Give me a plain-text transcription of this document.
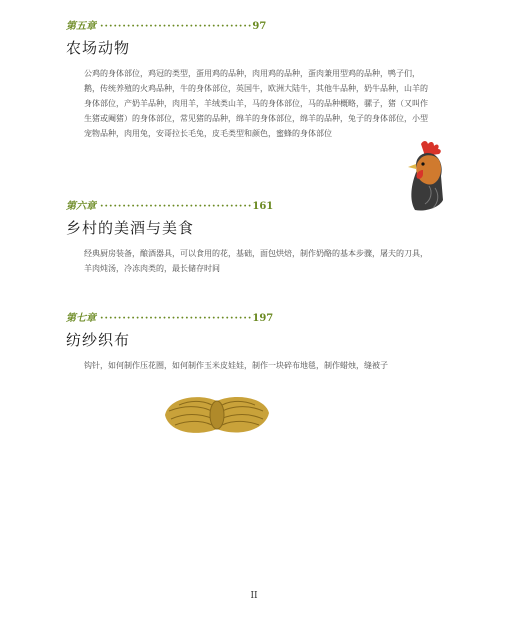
第五章 ·································· 97
农场动物
公鸡的身体部位，鸡冠的类型，蛋用鸡的品种，肉用鸡的品种，蛋肉兼用型鸡的品种，鸭子们，鹅，传统养殖的火鸡品种，牛的身体部位，英国牛，欧洲大陆牛，其他牛品种，奶牛品种，山羊的身体部位，产奶羊品种，肉用羊，羊绒类山羊，马的身体部位，马的品种概略，骡子，猪（又叫作生猪或阉猪）的身体部位，常见猪的品种，绵羊的身体部位，绵羊的品种，兔子的身体部位，小型宠物品种，肉用兔，安哥拉长毛兔，皮毛类型和颜色，蜜蜂的身体部位
第六章 ·································· 161
乡村的美酒与美食
经典厨房装备，酿酒器具，可以食用的花，基础，面包烘焙，制作奶酪的基本步骤，屠夫的刀具，羊肉炖汤，冷冻肉类的，最长储存时间
第七章 ·································· 197
纺纱织布
钩针，如何制作压花圈，如何制作玉米皮娃娃，制作一块碎布地毯，制作蜡烛，缝被子
II
